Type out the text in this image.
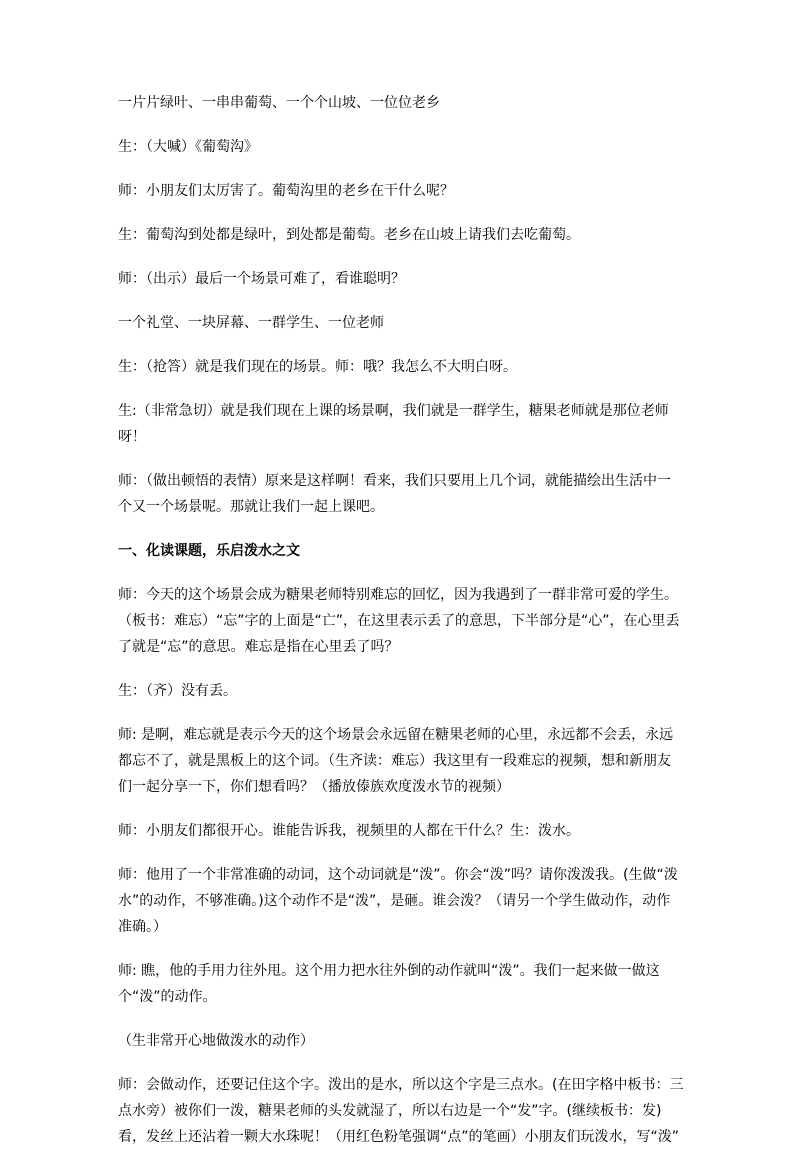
一片片绿叶、一串串葡萄、一个个山坡、一位位老乡

生：（大喊）《葡萄沟》

师：小朋友们太厉害了。葡萄沟里的老乡在干什么呢？

生：葡萄沟到处都是绿叶，到处都是葡萄。老乡在山坡上请我们去吃葡萄。

师：（出示）最后一个场景可难了，看谁聪明？

一个礼堂、一块屏幕、一群学生、一位老师

生：（抢答）就是我们现在的场景。师：哦？我怎么不大明白呀。

生:（非常急切）就是我们现在上课的场景啊，我们就是一群学生，糖果老师就是那位老师呀！

师：（做出顿悟的表情）原来是这样啊！看来，我们只要用上几个词，就能描绘出生活中一个又一个场景呢。那就让我们一起上课吧。

一、化读课题，乐启泼水之文

师：今天的这个场景会成为糖果老师特别难忘的回忆，因为我遇到了一群非常可爱的学生。（板书：难忘）“忘”字的上面是“亡”，在这里表示丢了的意思，下半部分是“心”，在心里丢了就是“忘”的意思。难忘是指在心里丢了吗？

生：（齐）没有丢。

师: 是啊，难忘就是表示今天的这个场景会永远留在糖果老师的心里，永远都不会丢，永远都忘不了，就是黑板上的这个词。（生齐读：难忘）我这里有一段难忘的视频，想和新朋友们一起分享一下，你们想看吗？（播放傣族欢度泼水节的视频）

师：小朋友们都很开心。谁能告诉我，视频里的人都在干什么？生：泼水。

师：他用了一个非常准确的动词，这个动词就是“泼”。你会“泼”吗？请你泼泼我。(生做“泼水”的动作，不够准确。)这个动作不是“泼”，是砸。谁会泼？（请另一个学生做动作，动作准确。）

师: 瞧，他的手用力往外甩。这个用力把水往外倒的动作就叫“泼”。我们一起来做一做这个“泼”的动作。

（生非常开心地做泼水的动作）

师：会做动作，还要记住这个字。泼出的是水，所以这个字是三点水。(在田字格中板书：三点水旁）被你们一泼，糖果老师的头发就湿了，所以右边是一个“发”字。(继续板书：发)看，发丝上还沾着一颗大水珠呢！（用红色粉笔强调“点”的笔画）小朋友们玩泼水，写“泼”
